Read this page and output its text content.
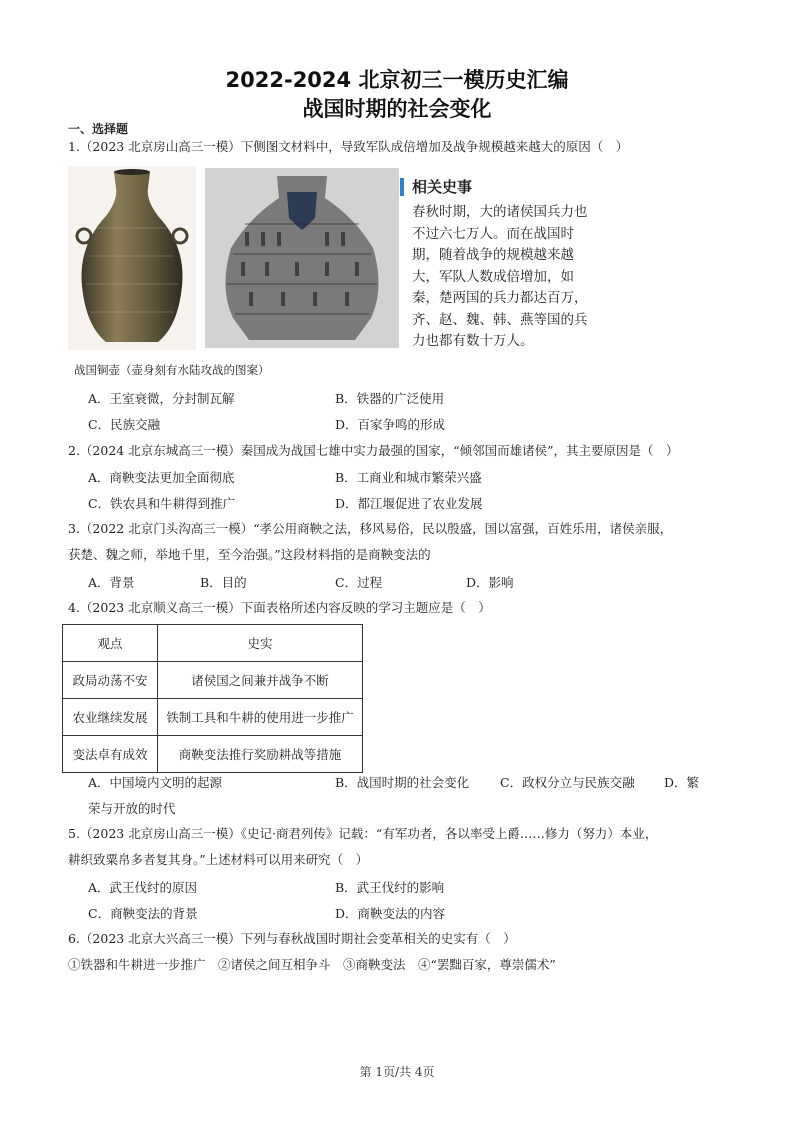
2022-2024 北京初三一模历史汇编
战国时期的社会变化
一、选择题
1.（2023 北京房山高三一模）下侧图文材料中，导致军队成倍增加及战争规模越来越大的原因（　）
相关史事
春秋时期，大的诸侯国兵力也不过六七万人。而在战国时期，随着战争的规模越来越大，军队人数成倍增加，如秦，楚两国的兵力都达百万，齐、赵、魏、韩、燕等国的兵力也都有数十万人。
战国铜壶（壶身刻有水陆攻战的图案）
A．王室衰微，分封制瓦解	B．铁器的广泛使用
C．民族交融	D．百家争鸣的形成
2.（2024 北京东城高三一模）秦国成为战国七雄中实力最强的国家，“倾邻国而雄诸侯”，其主要原因是（　）
A．商鞅变法更加全面彻底	B．工商业和城市繁荣兴盛
C．铁农具和牛耕得到推广	D．都江堰促进了农业发展
3.（2022 北京门头沟高三一模）“孝公用商鞅之法，移风易俗，民以殷盛，国以富强，百姓乐用，诸侯亲服，
获楚、魏之师，举地千里，至今治强。”这段材料指的是商鞅变法的
A．背景	B．目的	C．过程	D．影响
4.（2023 北京顺义高三一模）下面表格所述内容反映的学习主题应是（　）
观点	史实
政局动荡不安	诸侯国之间兼并战争不断
农业继续发展	铁制工具和牛耕的使用进一步推广
变法卓有成效	商鞅变法推行奖励耕战等措施
A．中国境内文明的起源	B．战国时期的社会变化 C．政权分立与民族交融 D．繁
荣与开放的时代
5.（2023 北京房山高三一模）《史记·商君列传》记载：“有军功者，各以率受上爵……修力（努力）本业，
耕织致粟帛多者复其身。”上述材料可以用来研究（　）
A．武王伐纣的原因	B．武王伐纣的影响
C．商鞅变法的背景	D．商鞅变法的内容
6.（2023 北京大兴高三一模）下列与春秋战国时期社会变革相关的史实有（　）
①铁器和牛耕进一步推广　②诸侯之间互相争斗　③商鞅变法　④“罢黜百家，尊崇儒术”
第 1页/共 4页
